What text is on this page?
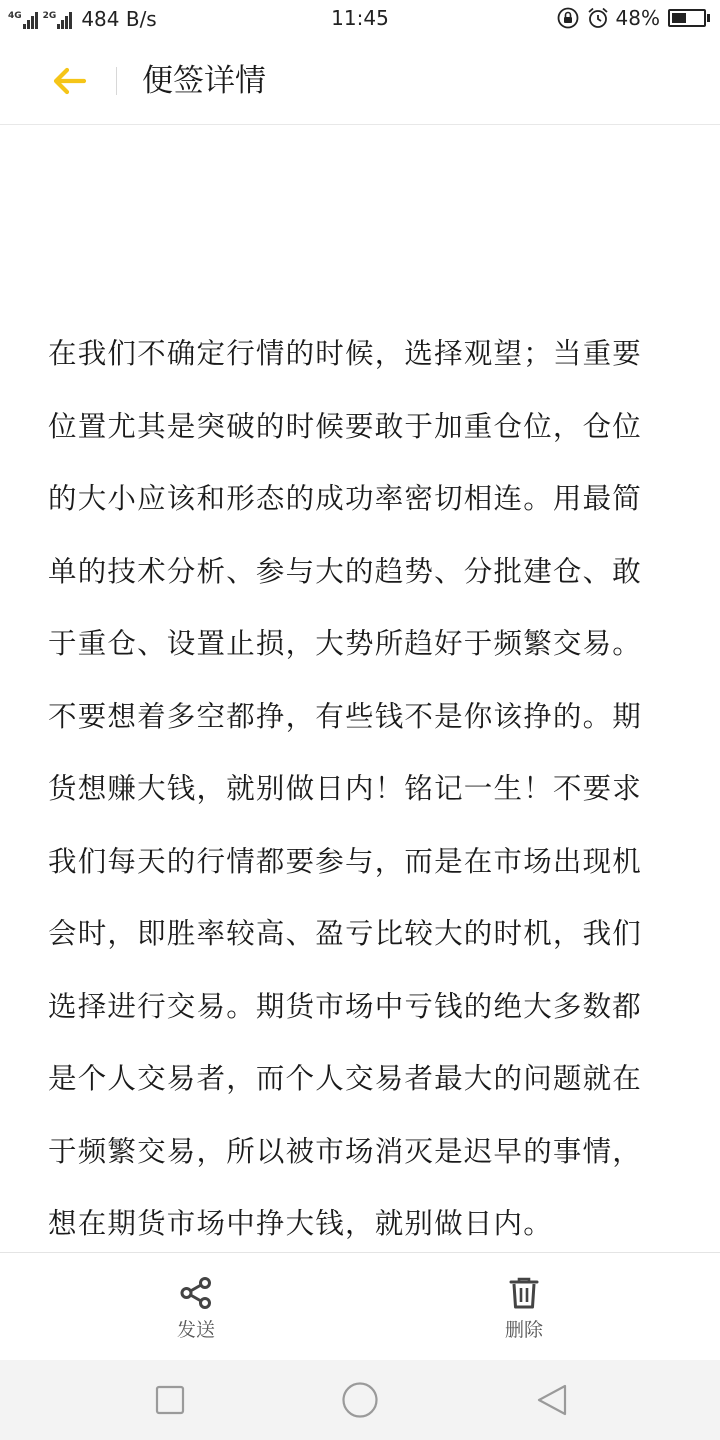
4G 2G 484 B/s	11:45	48%
便签详情

在我们不确定行情的时候，选择观望；当重要位置尤其是突破的时候要敢于加重仓位，仓位的大小应该和形态的成功率密切相连。用最简单的技术分析、参与大的趋势、分批建仓、敢于重仓、设置止损，大势所趋好于频繁交易。不要想着多空都挣，有些钱不是你该挣的。期货想赚大钱，就别做日内！铭记一生！不要求我们每天的行情都要参与，而是在市场出现机会时，即胜率较高、盈亏比较大的时机，我们选择进行交易。期货市场中亏钱的绝大多数都是个人交易者，而个人交易者最大的问题就在于频繁交易，所以被市场消灭是迟早的事情，想在期货市场中挣大钱，就别做日内。

发送	删除
